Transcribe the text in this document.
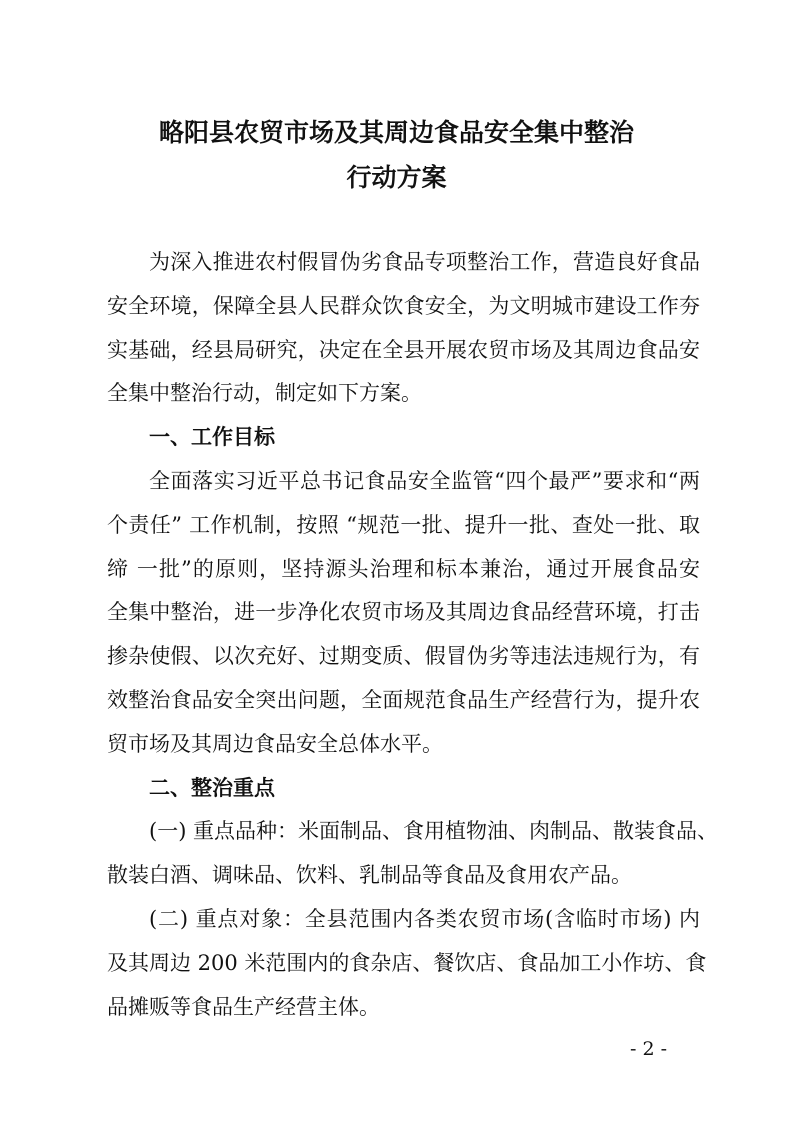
略阳县农贸市场及其周边食品安全集中整治
行动方案
为深入推进农村假冒伪劣食品专项整治工作，营造良好食品
安全环境，保障全县人民群众饮食安全，为文明城市建设工作夯
实基础，经县局研究，决定在全县开展农贸市场及其周边食品安
全集中整治行动，制定如下方案。
一、工作目标
全面落实习近平总书记食品安全监管“四个最严”要求和“两
个责任” 工作机制，按照 “规范一批、提升一批、查处一批、取
缔 一批”的原则，坚持源头治理和标本兼治，通过开展食品安
全集中整治，进一步净化农贸市场及其周边食品经营环境，打击
掺杂使假、以次充好、过期变质、假冒伪劣等违法违规行为，有
效整治食品安全突出问题，全面规范食品生产经营行为，提升农
贸市场及其周边食品安全总体水平。
二、整治重点
(一) 重点品种：米面制品、食用植物油、肉制品、散装食品、
散装白酒、调味品、饮料、乳制品等食品及食用农产品。
(二) 重点对象：全县范围内各类农贸市场(含临时市场) 内
及其周边 200 米范围内的食杂店、餐饮店、食品加工小作坊、食
品摊贩等食品生产经营主体。
- 2 -
